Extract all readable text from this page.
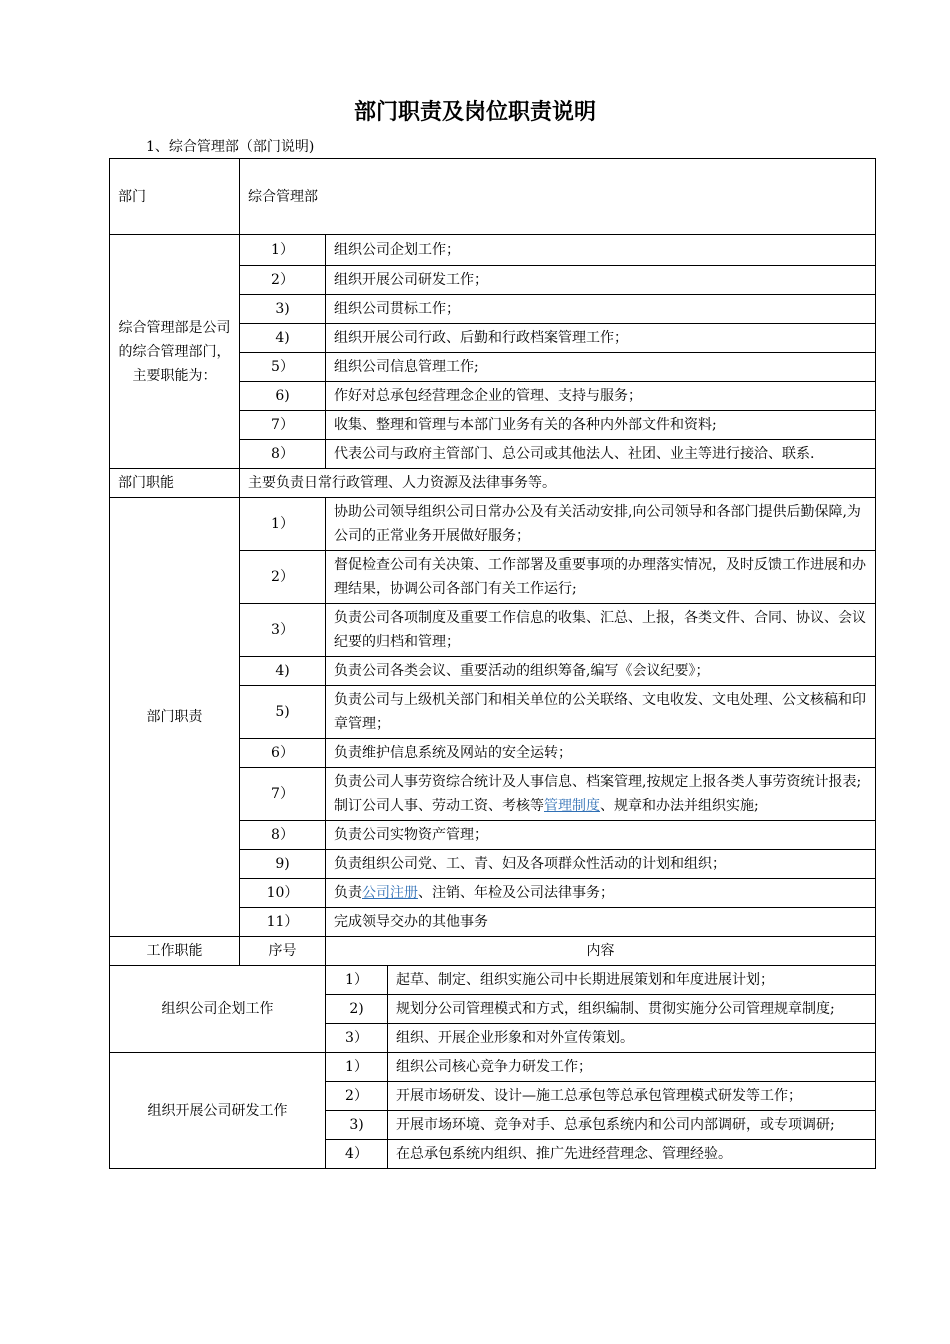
部门职责及岗位职责说明
1、综合管理部（部门说明)
部门	综合管理部		
综合管理部是公司的综合管理部门，主要职能为：	1）	组织公司企划工作；	
	2）	组织开展公司研发工作；	
	3)	组织公司贯标工作；	
	4)	组织开展公司行政、后勤和行政档案管理工作；	
	5）	组织公司信息管理工作;	
	6)	作好对总承包经营理念企业的管理、支持与服务；	
	7）	收集、整理和管理与本部门业务有关的各种内外部文件和资料;	
	8）	代表公司与政府主管部门、总公司或其他法人、社团、业主等进行接洽、联系.	
部门职能	主要负责日常行政管理、人力资源及法律事务等。		
部门职责	1）	协助公司领导组织公司日常办公及有关活动安排,向公司领导和各部门提供后勤保障,为公司的正常业务开展做好服务；	
	2）	督促检查公司有关决策、工作部署及重要事项的办理落实情况，及时反馈工作进展和办理结果，协调公司各部门有关工作运行;	
	3）	负责公司各项制度及重要工作信息的收集、汇总、上报，各类文件、合同、协议、会议纪要的归档和管理；	
	4)	负责公司各类会议、重要活动的组织筹备,编写《会议纪要》；	
	5)	负责公司与上级机关部门和相关单位的公关联络、文电收发、文电处理、公文核稿和印章管理；	
	6）	负责维护信息系统及网站的安全运转；	
	7）	负责公司人事劳资综合统计及人事信息、档案管理,按规定上报各类人事劳资统计报表;制订公司人事、劳动工资、考核等管理制度、规章和办法并组织实施;	
	8）	负责公司实物资产管理；	
	9)	负责组织公司党、工、青、妇及各项群众性活动的计划和组织；	
	10）	负责公司注册、注销、年检及公司法律事务；	
	11）	完成领导交办的其他事务	
工作职能	序号	内容	
组织公司企划工作		1）	起草、制定、组织实施公司中长期进展策划和年度进展计划；
		2)	规划分公司管理模式和方式，组织编制、贯彻实施分公司管理规章制度;
		3）	组织、开展企业形象和对外宣传策划。
组织开展公司研发工作		1）	组织公司核心竞争力研发工作；
		2）	开展市场研发、设计—施工总承包等总承包管理模式研发等工作；
		3)	开展市场环境、竞争对手、总承包系统内和公司内部调研，或专项调研;
		4）	在总承包系统内组织、推广先进经营理念、管理经验。
